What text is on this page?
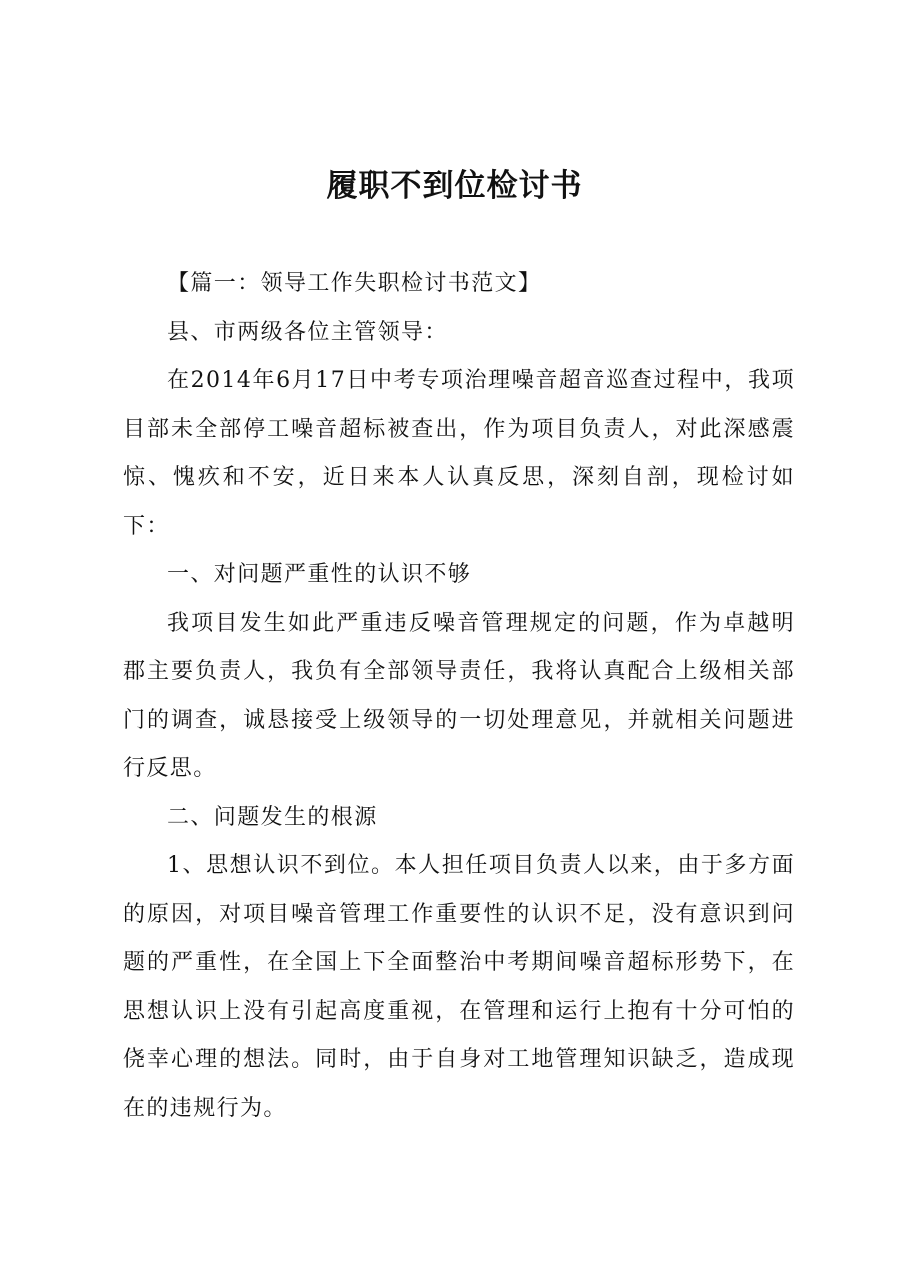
履职不到位检讨书

【篇一：领导工作失职检讨书范文】

县、市两级各位主管领导：

在2014年6月17日中考专项治理噪音超音巡查过程中，我项目部未全部停工噪音超标被查出，作为项目负责人，对此深感震惊、愧疚和不安，近日来本人认真反思，深刻自剖，现检讨如下：

一、对问题严重性的认识不够

我项目发生如此严重违反噪音管理规定的问题，作为卓越明郡主要负责人，我负有全部领导责任，我将认真配合上级相关部门的调查，诚恳接受上级领导的一切处理意见，并就相关问题进行反思。

二、问题发生的根源

1、思想认识不到位。本人担任项目负责人以来，由于多方面的原因，对项目噪音管理工作重要性的认识不足，没有意识到问题的严重性，在全国上下全面整治中考期间噪音超标形势下，在思想认识上没有引起高度重视，在管理和运行上抱有十分可怕的侥幸心理的想法。同时，由于自身对工地管理知识缺乏，造成现在的违规行为。
